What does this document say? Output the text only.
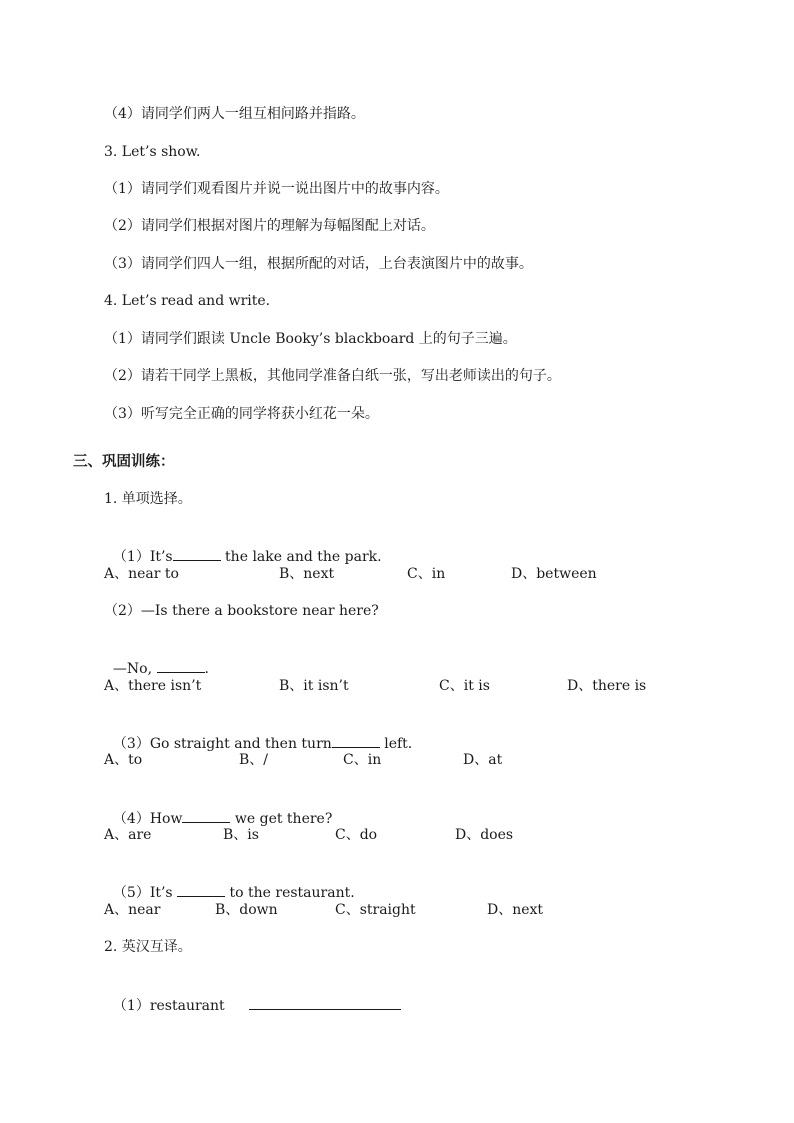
（4）请同学们两人一组互相问路并指路。
3. Let’s show.
（1）请同学们观看图片并说一说出图片中的故事内容。
（2）请同学们根据对图片的理解为每幅图配上对话。
（3）请同学们四人一组，根据所配的对话，上台表演图片中的故事。
4. Let’s read and write.
（1）请同学们跟读 Uncle Booky’s blackboard 上的句子三遍。
（2）请若干同学上黑板，其他同学准备白纸一张，写出老师读出的句子。
（3）听写完全正确的同学将获小红花一朵。
三、巩固训练：
1. 单项选择。

（1）It’s	the lake and the park.

A、near to	B、next	C、in	D、between
（2）—Is there a bookstore near here?

—No,	.

A、there isn’t	B、it isn’t	C、it is	D、there is

（3）Go straight and then turn	left.

A、to	B、/	C、in	D、at

（4）How	we get there?

A、are	B、is	C、do	D、does

（5）It’s	to the restaurant.

A、near	B、down	C、straight	D、next
2. 英汉互译。

（1）restaurant
